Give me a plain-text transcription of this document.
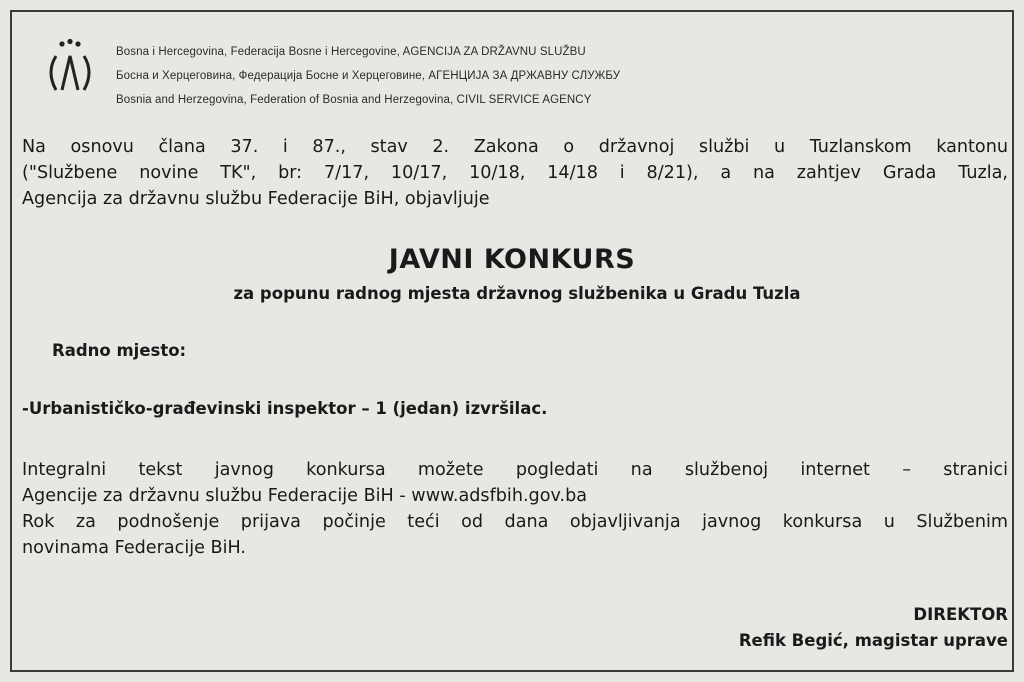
Bosna i Hercegovina, Federacija Bosne i Hercegovine, AGENCIJA ZA DRŽAVNU SLUŽBU
Босна и Херцеговина, Федерација Босне и Херцеговине, АГЕНЦИЈА ЗА ДРЖАВНУ СЛУЖБУ
Bosnia and Herzegovina, Federation of Bosnia and Herzegovina, CIVIL SERVICE AGENCY
Na osnovu člana 37. i 87., stav 2. Zakona o državnoj službi u Tuzlanskom kantonu
("Službene novine TK", br: 7/17, 10/17, 10/18, 14/18 i 8/21), a na zahtjev Grada Tuzla,
Agencija za državnu službu Federacije BiH, objavljuje
JAVNI KONKURS
za popunu radnog mjesta državnog službenika u Gradu Tuzla
Radno mjesto:
-Urbanističko-građevinski inspektor – 1 (jedan) izvršilac.
Integralni tekst javnog konkursa možete pogledati na službenoj internet – stranici
Agencije za državnu službu Federacije BiH - www.adsfbih.gov.ba
Rok za podnošenje prijava počinje teći od dana objavljivanja javnog konkursa u Službenim
novinama Federacije BiH.
DIREKTOR
Refik Begić, magistar uprave
